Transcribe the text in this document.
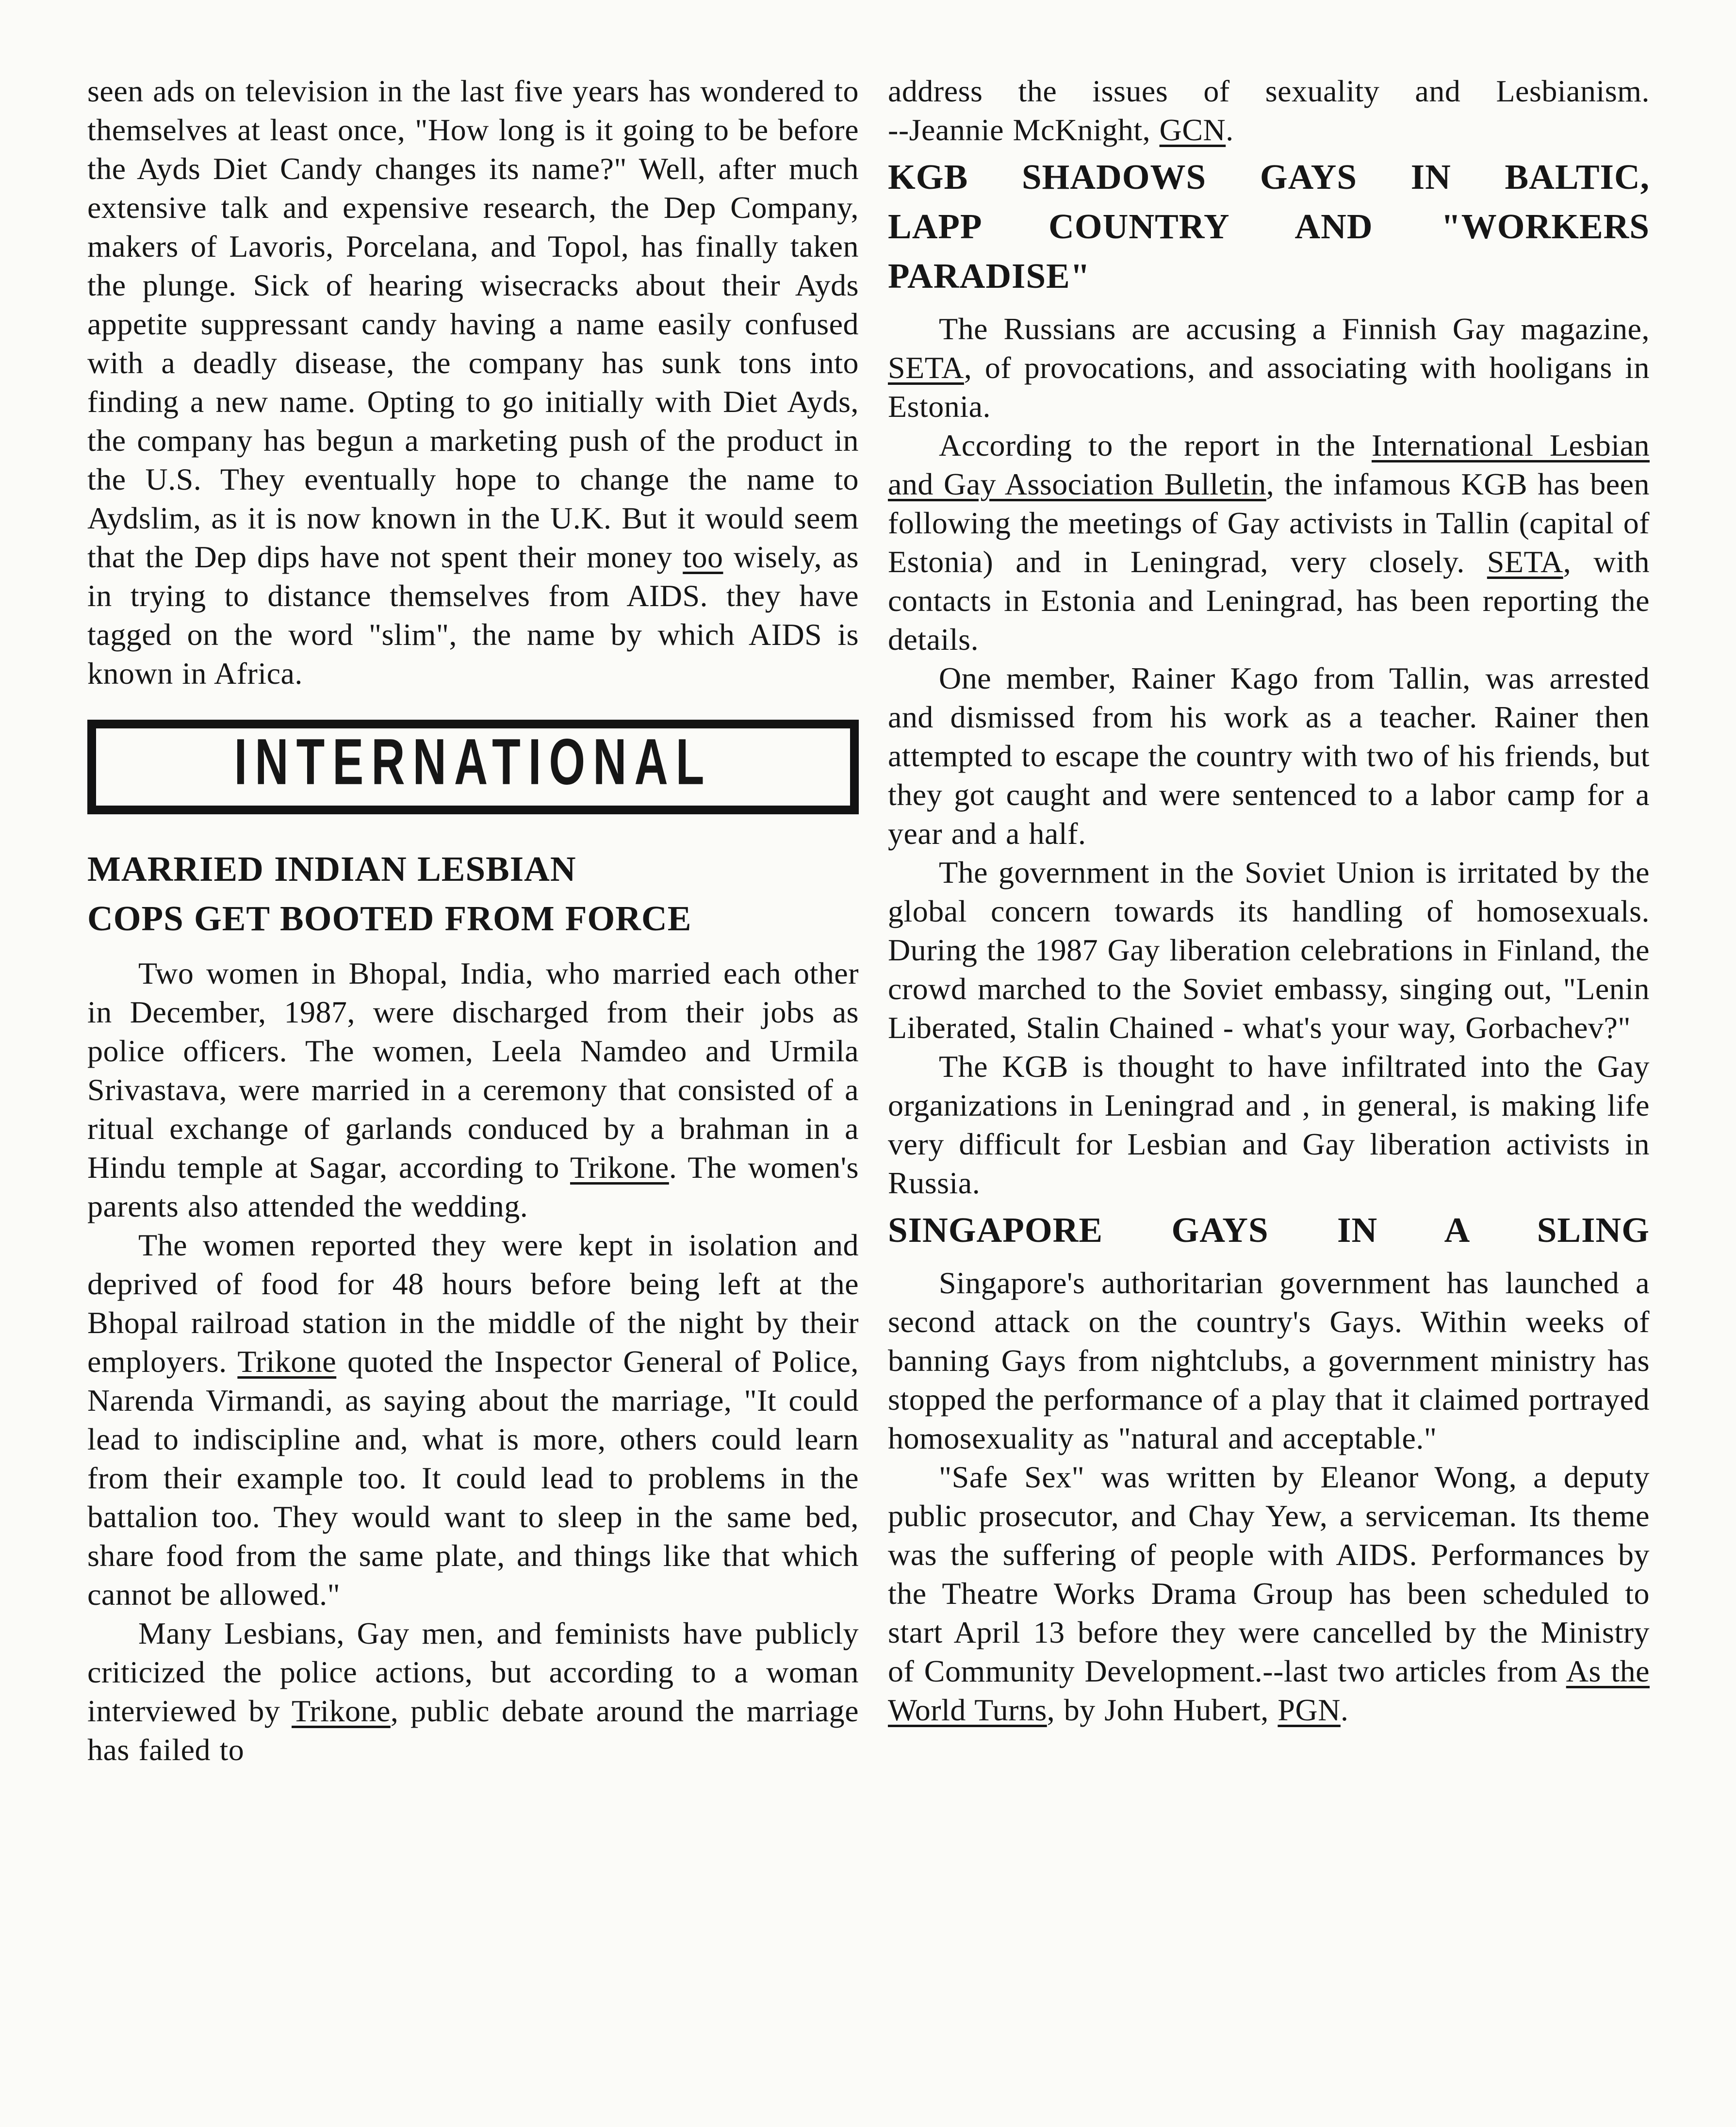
seen ads on television in the last five years has wondered to themselves at least once, "How long is it going to be before the Ayds Diet Candy changes its name?" Well, after much extensive talk and expensive research, the Dep Company, makers of Lavoris, Porcelana, and Topol, has finally taken the plunge. Sick of hearing wisecracks about their Ayds appetite suppressant candy having a name easily confused with a deadly disease, the company has sunk tons into finding a new name. Opting to go initially with Diet Ayds, the company has begun a marketing push of the product in the U.S. They eventually hope to change the name to Aydslim, as it is now known in the U.K. But it would seem that the Dep dips have not spent their money too wisely, as in trying to distance themselves from AIDS. they have tagged on the word "slim", the name by which AIDS is known in Africa.

INTERNATIONAL
MARRIED INDIAN LESBIAN
COPS GET BOOTED FROM FORCE

Two women in Bhopal, India, who married each other in December, 1987, were discharged from their jobs as police officers. The women, Leela Namdeo and Urmila Srivastava, were married in a ceremony that consisted of a ritual exchange of garlands conduced by a brahman in a Hindu temple at Sagar, according to Trikone. The women's parents also attended the wedding.

The women reported they were kept in isolation and deprived of food for 48 hours before being left at the Bhopal railroad station in the middle of the night by their employers. Trikone quoted the Inspector General of Police, Narenda Virmandi, as saying about the marriage, "It could lead to indiscipline and, what is more, others could learn from their example too. It could lead to problems in the battalion too. They would want to sleep in the same bed, share food from the same plate, and things like that which cannot be allowed."

Many Lesbians, Gay men, and feminists have publicly criticized the police actions, but according to a woman interviewed by Trikone, public debate around the marriage has failed to

address the issues of sexuality and Lesbianism.

--Jeannie McKnight, GCN.

KGB SHADOWS GAYS IN BALTIC,
LAPP COUNTRY AND "WORKERS
PARADISE"

The Russians are accusing a Finnish Gay magazine, SETA, of provocations, and associating with hooligans in Estonia.

According to the report in the International Lesbian and Gay Association Bulletin, the infamous KGB has been following the meetings of Gay activists in Tallin (capital of Estonia) and in Leningrad, very closely. SETA, with contacts in Estonia and Leningrad, has been reporting the details.

One member, Rainer Kago from Tallin, was arrested and dismissed from his work as a teacher. Rainer then attempted to escape the country with two of his friends, but they got caught and were sentenced to a labor camp for a year and a half.

The government in the Soviet Union is irritated by the global concern towards its handling of homosexuals. During the 1987 Gay liberation celebrations in Finland, the crowd marched to the Soviet embassy, singing out, "Lenin Liberated, Stalin Chained - what's your way, Gorbachev?"

The KGB is thought to have infiltrated into the Gay organizations in Leningrad and , in general, is making life very difficult for Lesbian and Gay liberation activists in Russia.

SINGAPORE GAYS IN A SLING

Singapore's authoritarian government has launched a second attack on the country's Gays. Within weeks of banning Gays from nightclubs, a government ministry has stopped the performance of a play that it claimed portrayed homosexuality as "natural and acceptable."

"Safe Sex" was written by Eleanor Wong, a deputy public prosecutor, and Chay Yew, a serviceman. Its theme was the suffering of people with AIDS. Performances by the Theatre Works Drama Group has been scheduled to start April 13 before they were cancelled by the Ministry of Community Development.--last two articles from As the World Turns, by John Hubert, PGN.
